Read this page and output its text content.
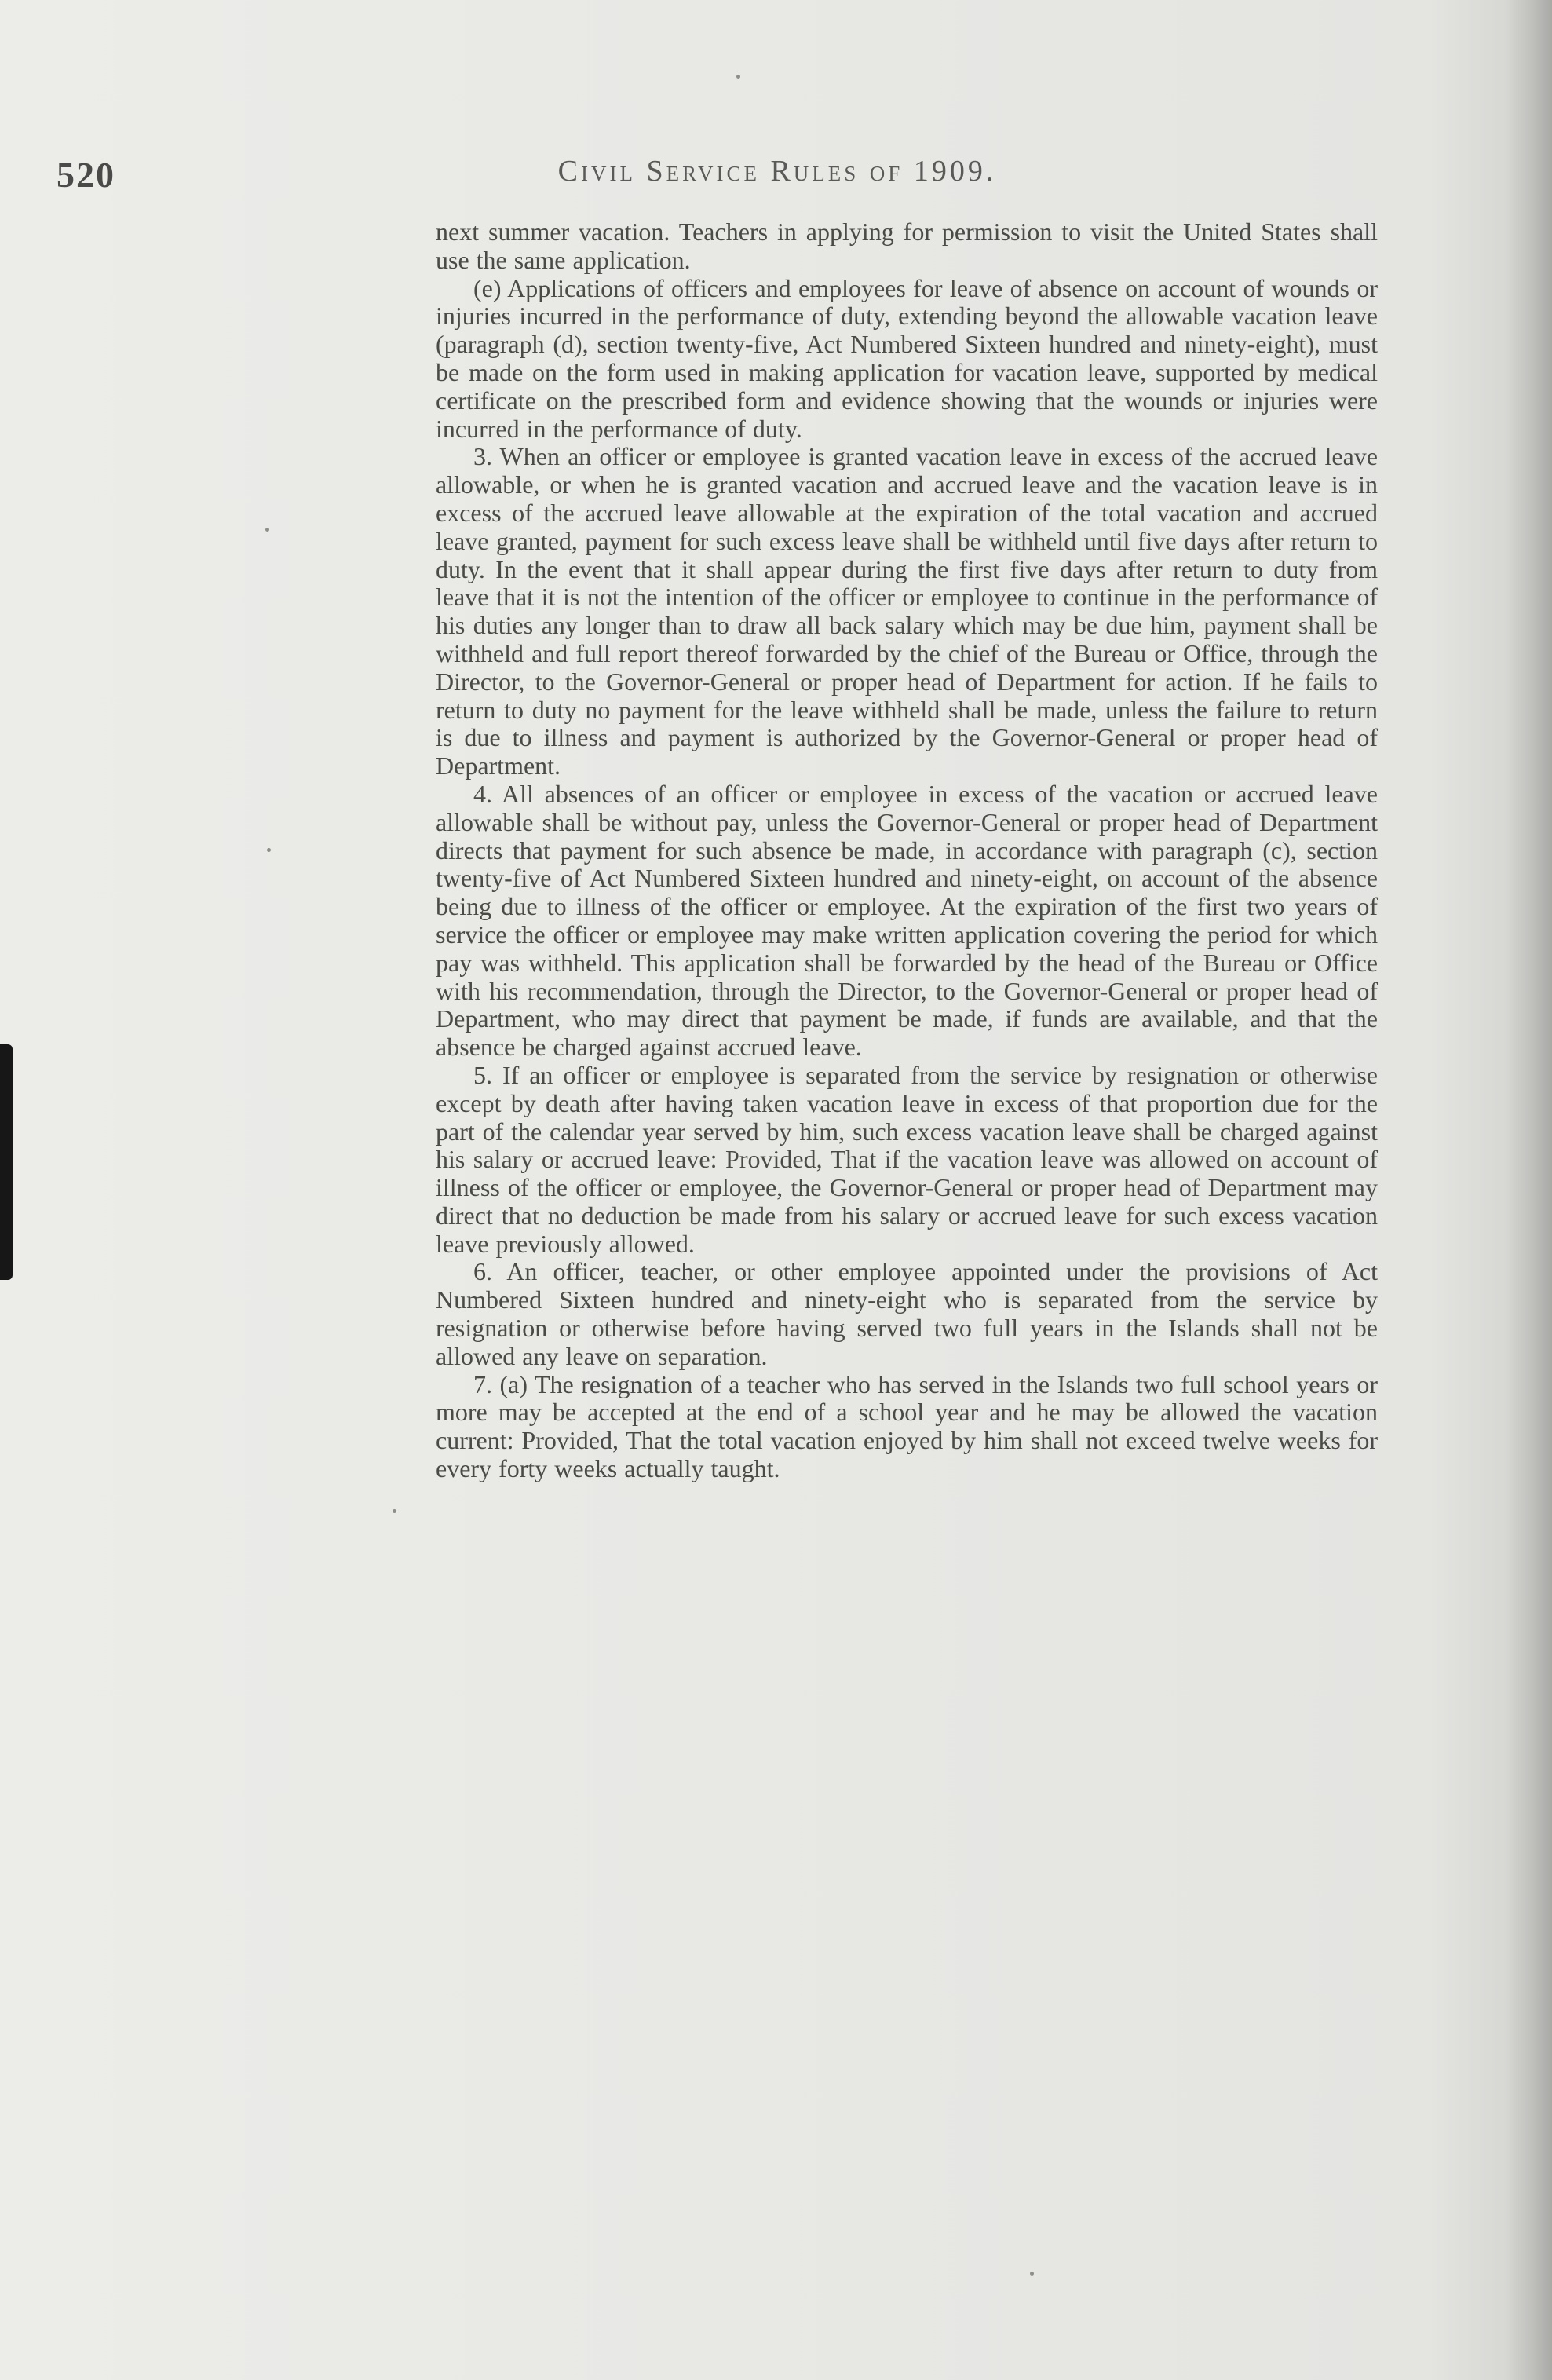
520	Civil Service Rules of 1909.

next summer vacation. Teachers in applying for permission to visit the United States shall use the same application.

(e) Applications of officers and employees for leave of absence on account of wounds or injuries incurred in the performance of duty, extending beyond the allowable vacation leave (paragraph (d), section twenty-five, Act Numbered Sixteen hundred and ninety-eight), must be made on the form used in making application for vacation leave, supported by medical certificate on the prescribed form and evidence showing that the wounds or injuries were incurred in the performance of duty.

3. When an officer or employee is granted vacation leave in excess of the accrued leave allowable, or when he is granted vacation and accrued leave and the vacation leave is in excess of the accrued leave allowable at the expiration of the total vacation and accrued leave granted, payment for such excess leave shall be withheld until five days after return to duty. In the event that it shall appear during the first five days after return to duty from leave that it is not the intention of the officer or employee to continue in the performance of his duties any longer than to draw all back salary which may be due him, payment shall be withheld and full report thereof forwarded by the chief of the Bureau or Office, through the Director, to the Governor-General or proper head of Department for action. If he fails to return to duty no payment for the leave withheld shall be made, unless the failure to return is due to illness and payment is authorized by the Governor-General or proper head of Department.

4. All absences of an officer or employee in excess of the vacation or accrued leave allowable shall be without pay, unless the Governor-General or proper head of Department directs that payment for such absence be made, in accordance with paragraph (c), section twenty-five of Act Numbered Sixteen hundred and ninety-eight, on account of the absence being due to illness of the officer or employee. At the expiration of the first two years of service the officer or employee may make written application covering the period for which pay was withheld. This application shall be forwarded by the head of the Bureau or Office with his recommendation, through the Director, to the Governor-General or proper head of Department, who may direct that payment be made, if funds are available, and that the absence be charged against accrued leave.

5. If an officer or employee is separated from the service by resignation or otherwise except by death after having taken vacation leave in excess of that proportion due for the part of the calendar year served by him, such excess vacation leave shall be charged against his salary or accrued leave: Provided, That if the vacation leave was allowed on account of illness of the officer or employee, the Governor-General or proper head of Department may direct that no deduction be made from his salary or accrued leave for such excess vacation leave previously allowed.

6. An officer, teacher, or other employee appointed under the provisions of Act Numbered Sixteen hundred and ninety-eight who is separated from the service by resignation or otherwise before having served two full years in the Islands shall not be allowed any leave on separation.

7. (a) The resignation of a teacher who has served in the Islands two full school years or more may be accepted at the end of a school year and he may be allowed the vacation current: Provided, That the total vacation enjoyed by him shall not exceed twelve weeks for every forty weeks actually taught.
